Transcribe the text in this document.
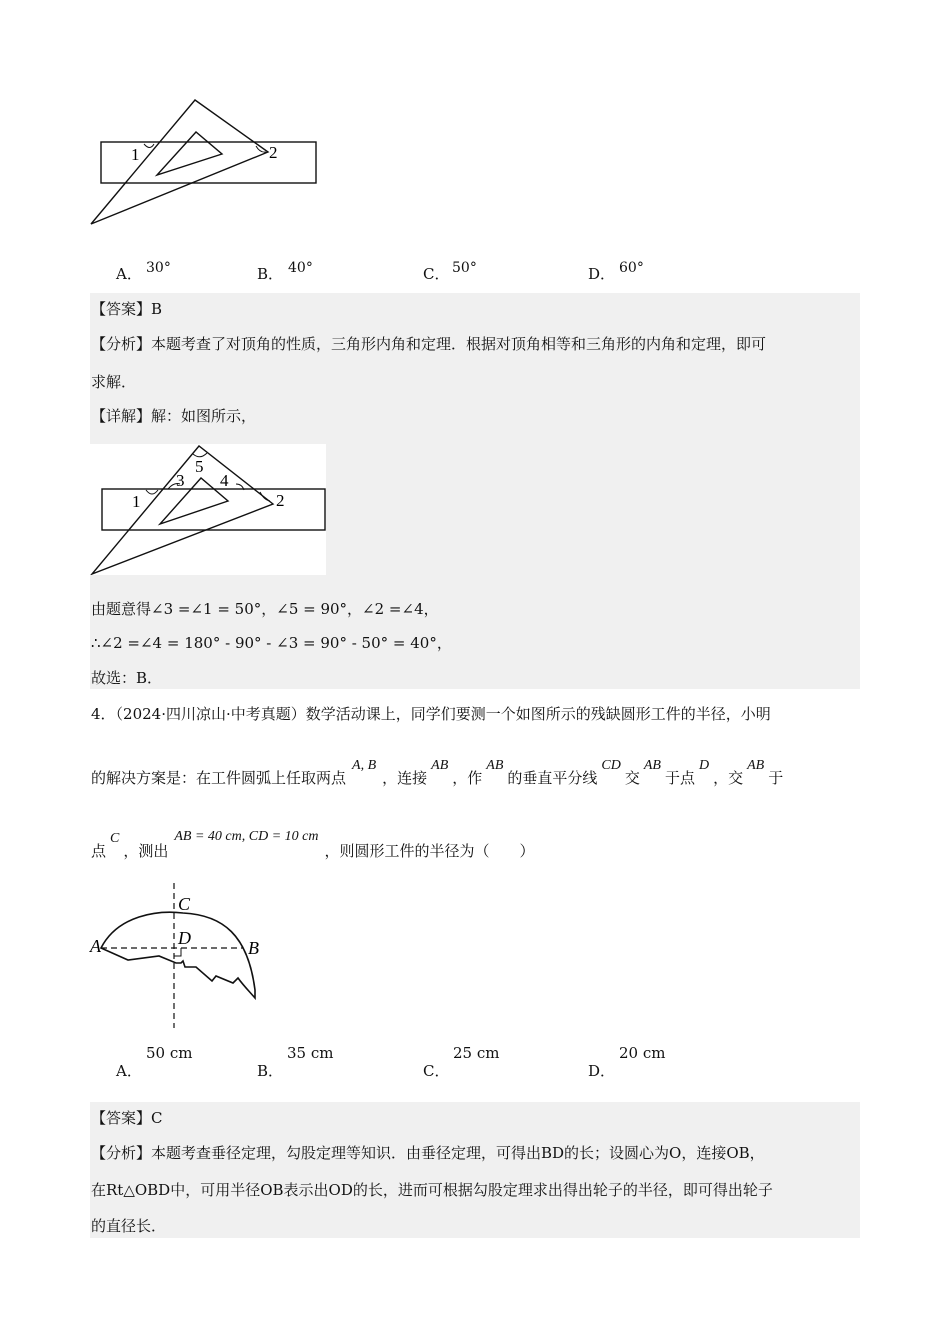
1	2
A． 30°	B． 40°	C． 50°	D． 60°
【答案】B
【分析】本题考查了对顶角的性质，三角形内角和定理．根据对顶角相等和三角形的内角和定理，即可
求解．
【详解】解：如图所示，
5
3 4
1	2
由题意得∠3 =∠1 = 50°，∠5 = 90°，∠2 =∠4，
∴∠2 =∠4 = 180° - 90° - ∠3 = 90° - 50° = 40°，
故选：B．
4．（2024·四川凉山·中考真题）数学活动课上，同学们要测一个如图所示的残缺圆形工件的半径，小明
的解决方案是：在工件圆弧上任取两点A, B，连接AB，作AB的垂直平分线CD交AB于点D，交AB于
点C，测出AB = 40 cm, CD = 10 cm，则圆形工件的半径为（　　）
C
D
A	B
A．
50 cm
B．
35 cm
C．
25 cm
D．
20 cm
【答案】C
【分析】本题考查垂径定理，勾股定理等知识．由垂径定理，可得出BD的长；设圆心为O，连接OB，
在Rt△OBD中，可用半径OB表示出OD的长，进而可根据勾股定理求出得出轮子的半径，即可得出轮子
的直径长．
